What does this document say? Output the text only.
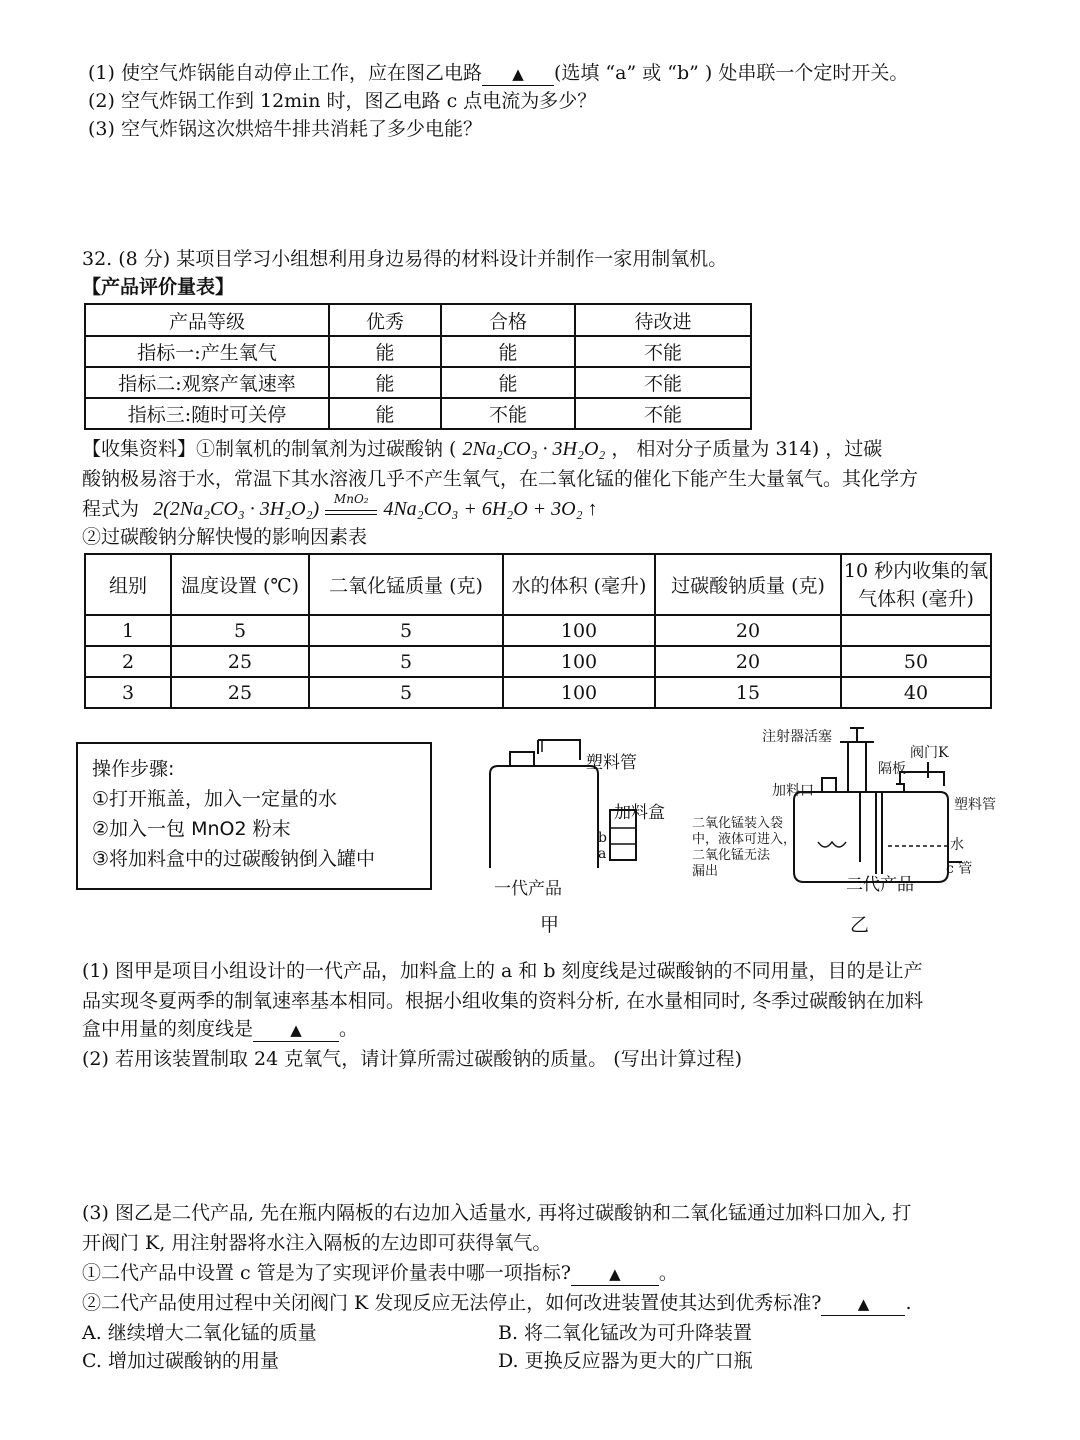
(1) 使空气炸锅能自动停止工作，应在图乙电路 ▲ (选填 “a” 或 “b” ) 处串联一个定时开关。
(2) 空气炸锅工作到 12min 时，图乙电路 c 点电流为多少？
(3) 空气炸锅这次烘焙牛排共消耗了多少电能？
32. (8 分) 某项目学习小组想利用身边易得的材料设计并制作一家用制氧机。
【产品评价量表】
产品等级	优秀	合格	待改进
指标一:产生氧气	能	能	不能
指标二:观察产氧速率	能	能	不能
指标三:随时可关停	能	不能	不能
【收集资料】①制氧机的制氧剂为过碳酸钠 ( 2Na₂CO₃ · 3H₂O₂ ， 相对分子质量为 314) ，过碳
酸钠极易溶于水，常温下其水溶液几乎不产生氧气，在二氧化锰的催化下能产生大量氧气。其化学方
程式为 2(2Na₂CO₃ · 3H₂O₂)	MnO₂ 4Na₂CO₃ + 6H₂O + 3O₂ ↑
②过碳酸钠分解快慢的影响因素表
组别	温度设置 (℃)	二氧化锰质量 (克)	水的体积 (毫升)	过碳酸钠质量 (克)	10 秒内收集的氧
气体积 (毫升)

1	5	5	100	20	
2	25	5	100	20	50
3	25	5	100	15	40
操作步骤:
①打开瓶盖，加入一定量的水
②加入一包 MnO2 粉末
③将加料盒中的过碳酸钠倒入罐中
塑料管
加料盒
b
a
一代产品
甲
注射器活塞
阀门K
隔板
加料口
塑料管
二氧化锰装入袋
中，液体可进入，
二氧化锰无法
漏出
水
c 管
二代产品
乙
(1) 图甲是项目小组设计的一代产品，加料盒上的 a 和 b 刻度线是过碳酸钠的不同用量，目的是让产
品实现冬夏两季的制氧速率基本相同。根据小组收集的资料分析, 在水量相同时, 冬季过碳酸钠在加料
盒中用量的刻度线是 ▲ 。
(2) 若用该装置制取 24 克氧气，请计算所需过碳酸钠的质量。 (写出计算过程)
(3) 图乙是二代产品, 先在瓶内隔板的右边加入适量水, 再将过碳酸钠和二氧化锰通过加料口加入, 打
开阀门 K, 用注射器将水注入隔板的左边即可获得氧气。
①二代产品中设置 c 管是为了实现评价量表中哪一项指标?	▲ 。
②二代产品使用过程中关闭阀门 K 发现反应无法停止，如何改进装置使其达到优秀标准? ▲ .
A. 继续增大二氧化锰的质量	B. 将二氧化锰改为可升降装置
C. 增加过碳酸钠的用量	D. 更换反应器为更大的广口瓶
